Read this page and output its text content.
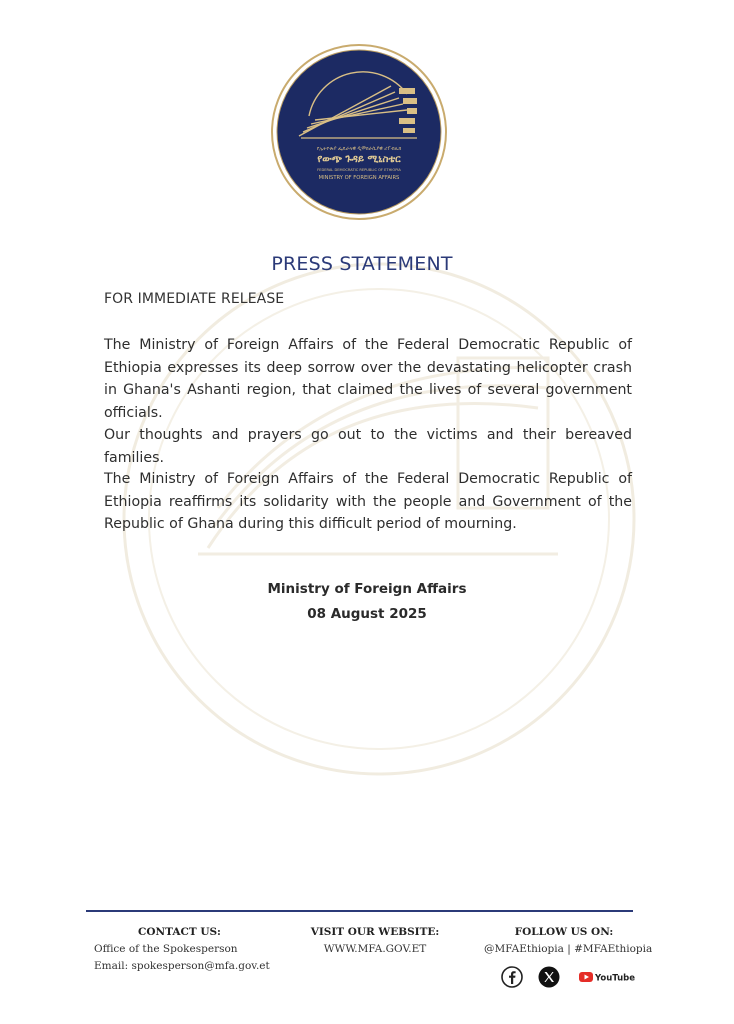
የኢትዮጵያ ፌዴራላዊ ዲሞክራሲያዊ ሪፐብሊክ
የውጭ ጉዳይ ሚኒስቴር
FEDERAL DEMOCRATIC REPUBLIC OF ETHIOPIA
MINISTRY OF FOREIGN AFFAIRS
PRESS STATEMENT
FOR IMMEDIATE RELEASE
The Ministry of Foreign Affairs of the Federal Democratic Republic of Ethiopia expresses its deep sorrow over the devastating helicopter crash in Ghana's Ashanti region, that claimed the lives of several government officials.
Our thoughts and prayers go out to the victims and their bereaved families.
The Ministry of Foreign Affairs of the Federal Democratic Republic of Ethiopia reaffirms its solidarity with the people and Government of the Republic of Ghana during this difficult period of mourning.
Ministry of Foreign Affairs
08 August 2025
CONTACT US:
Office of the Spokesperson
Email: spokesperson@mfa.gov.et
VISIT OUR WEBSITE:
WWW.MFA.GOV.ET
FOLLOW US ON:
@MFAEthiopia | #MFAEthiopia
YouTube
